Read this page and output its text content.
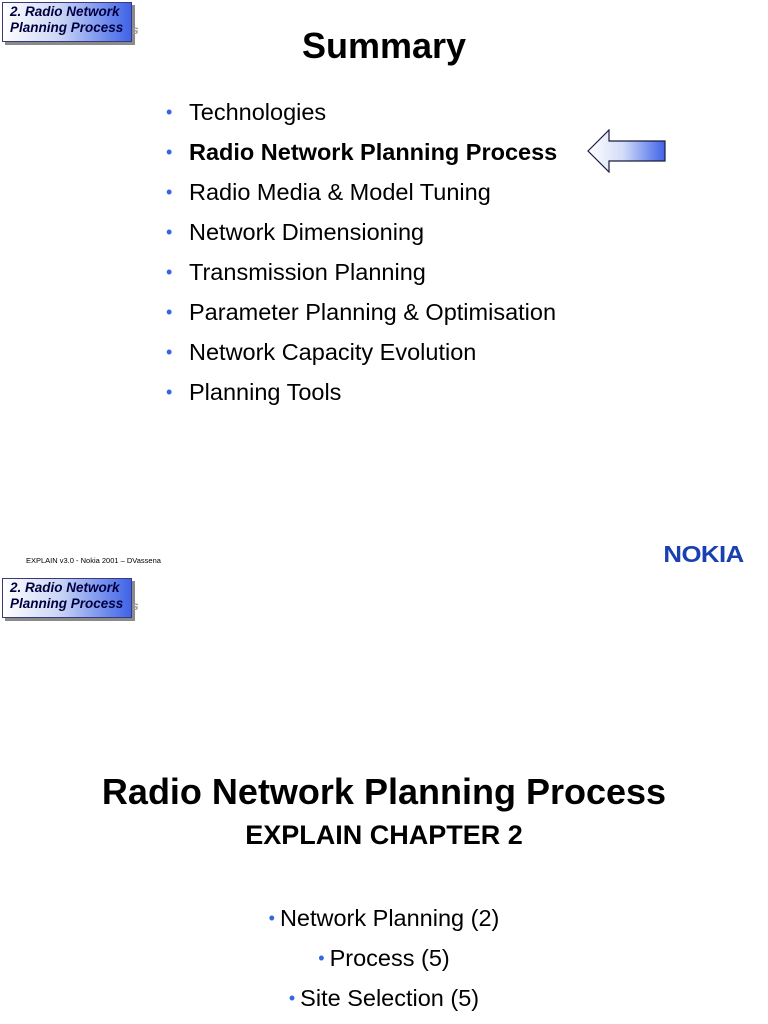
2. Radio Network
Planning Process s	Summary
• Technologies
• Radio Network Planning Process
• Radio Media & Model Tuning
• Network Dimensioning
• Transmission Planning
• Parameter Planning & Optimisation
• Network Capacity Evolution
• Planning Tools
EXPLAIN v3.0 - Nokia 2001 – DVassena	NOKIA
2. Radio Network
Planning Process s
Radio Network Planning Process
EXPLAIN CHAPTER 2
• Network Planning (2)
• Process (5)
• Site Selection (5)
